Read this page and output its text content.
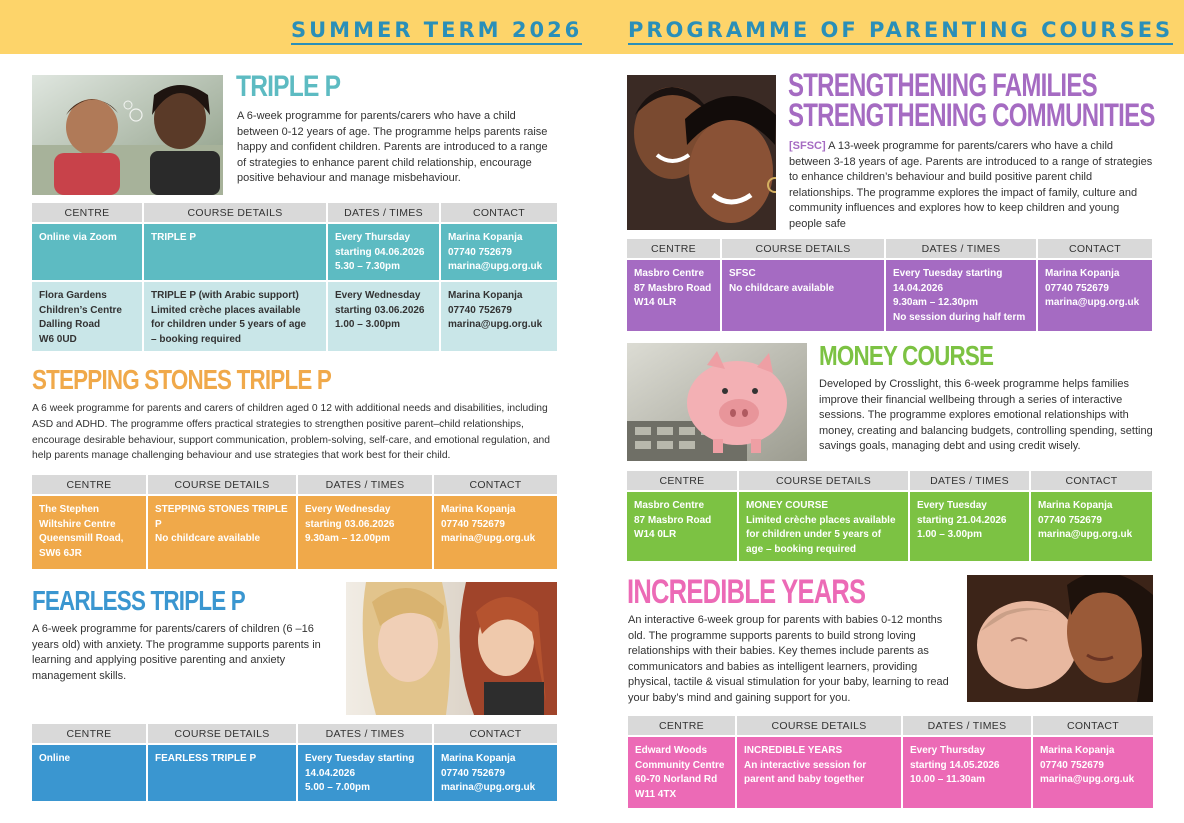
SUMMER TERM 2026 PROGRAMME OF PARENTING COURSES
TRIPLE P
A 6-week programme for parents/carers who have a child between 0-12 years of age. The programme helps parents raise happy and confident children. Parents are introduced to a range of strategies to enhance parent child relationship, encourage positive behaviour and manage misbehaviour.
CENTRE	COURSE DETAILS	DATES / TIMES	CONTACT
Online via Zoom	TRIPLE P	Every Thursday
starting 04.06.2026
5.30 – 7.30pm	Marina Kopanja
07740 752679
marina@upg.org.uk
Flora Gardens
Children’s Centre
Dalling Road
W6 0UD	TRIPLE P (with Arabic support)
Limited crèche places available
for children under 5 years of age
– booking required	Every Wednesday
starting 03.06.2026
1.00 – 3.00pm	Marina Kopanja
07740 752679
marina@upg.org.uk
STEPPING STONES TRIPLE P
A 6 week programme for parents and carers of children aged 0 12 with additional needs and disabilities, including ASD and ADHD. The programme offers practical strategies to strengthen positive parent–child relationships, encourage desirable behaviour, support communication, problem-solving, self-care, and emotional regulation, and help parents manage challenging behaviour and use strategies that work best for their child.
CENTRE	COURSE DETAILS	DATES / TIMES	CONTACT
The Stephen
Wiltshire Centre
Queensmill Road,
SW6 6JR	STEPPING STONES TRIPLE P
No childcare available	Every Wednesday
starting 03.06.2026
9.30am – 12.00pm	Marina Kopanja
07740 752679
marina@upg.org.uk
FEARLESS TRIPLE P
A 6-week programme for parents/carers of children (6 –16 years old) with anxiety. The programme supports parents in learning and applying positive parenting and anxiety management skills.
CENTRE	COURSE DETAILS	DATES / TIMES	CONTACT
Online	FEARLESS TRIPLE P	Every Tuesday starting
14.04.2026
5.00 – 7.00pm	Marina Kopanja
07740 752679
marina@upg.org.uk
STRENGTHENING FAMILIES
STRENGTHENING COMMUNITIES
[SFSC] A 13-week programme for parents/carers who have a child between 3-18 years of age. Parents are introduced to a range of strategies to enhance children’s behaviour and build positive parent child relationships. The programme explores the impact of family, culture and community influences and explores how to keep children and young people safe
CENTRE	COURSE DETAILS	DATES / TIMES	CONTACT
Masbro Centre
87 Masbro Road
W14 0LR	SFSC
No childcare available	Every Tuesday starting
14.04.2026
9.30am – 12.30pm
No session during half term	Marina Kopanja
07740 752679
marina@upg.org.uk
MONEY COURSE
Developed by Crosslight, this 6-week programme helps families improve their financial wellbeing through a series of interactive sessions. The programme explores emotional relationships with money, creating and balancing budgets, controlling spending, setting savings goals, managing debt and using credit wisely.
CENTRE	COURSE DETAILS	DATES / TIMES	CONTACT
Masbro Centre
87 Masbro Road
W14 0LR	MONEY COURSE
Limited crèche places available
for children under 5 years of
age – booking required	Every Tuesday
starting 21.04.2026
1.00 – 3.00pm	Marina Kopanja
07740 752679
marina@upg.org.uk
INCREDIBLE YEARS
An interactive 6-week group for parents with babies 0-12 months old. The programme supports parents to build strong loving relationships with their babies. Key themes include parents as communicators and babies as intelligent learners, providing physical, tactile & visual stimulation for your baby, learning to read your baby’s mind and gaining support for you.
CENTRE	COURSE DETAILS	DATES / TIMES	CONTACT
Edward Woods
Community Centre
60-70 Norland Rd
W11 4TX	INCREDIBLE YEARS
An interactive session for
parent and baby together	Every Thursday
starting 14.05.2026
10.00 – 11.30am	Marina Kopanja
07740 752679
marina@upg.org.uk
